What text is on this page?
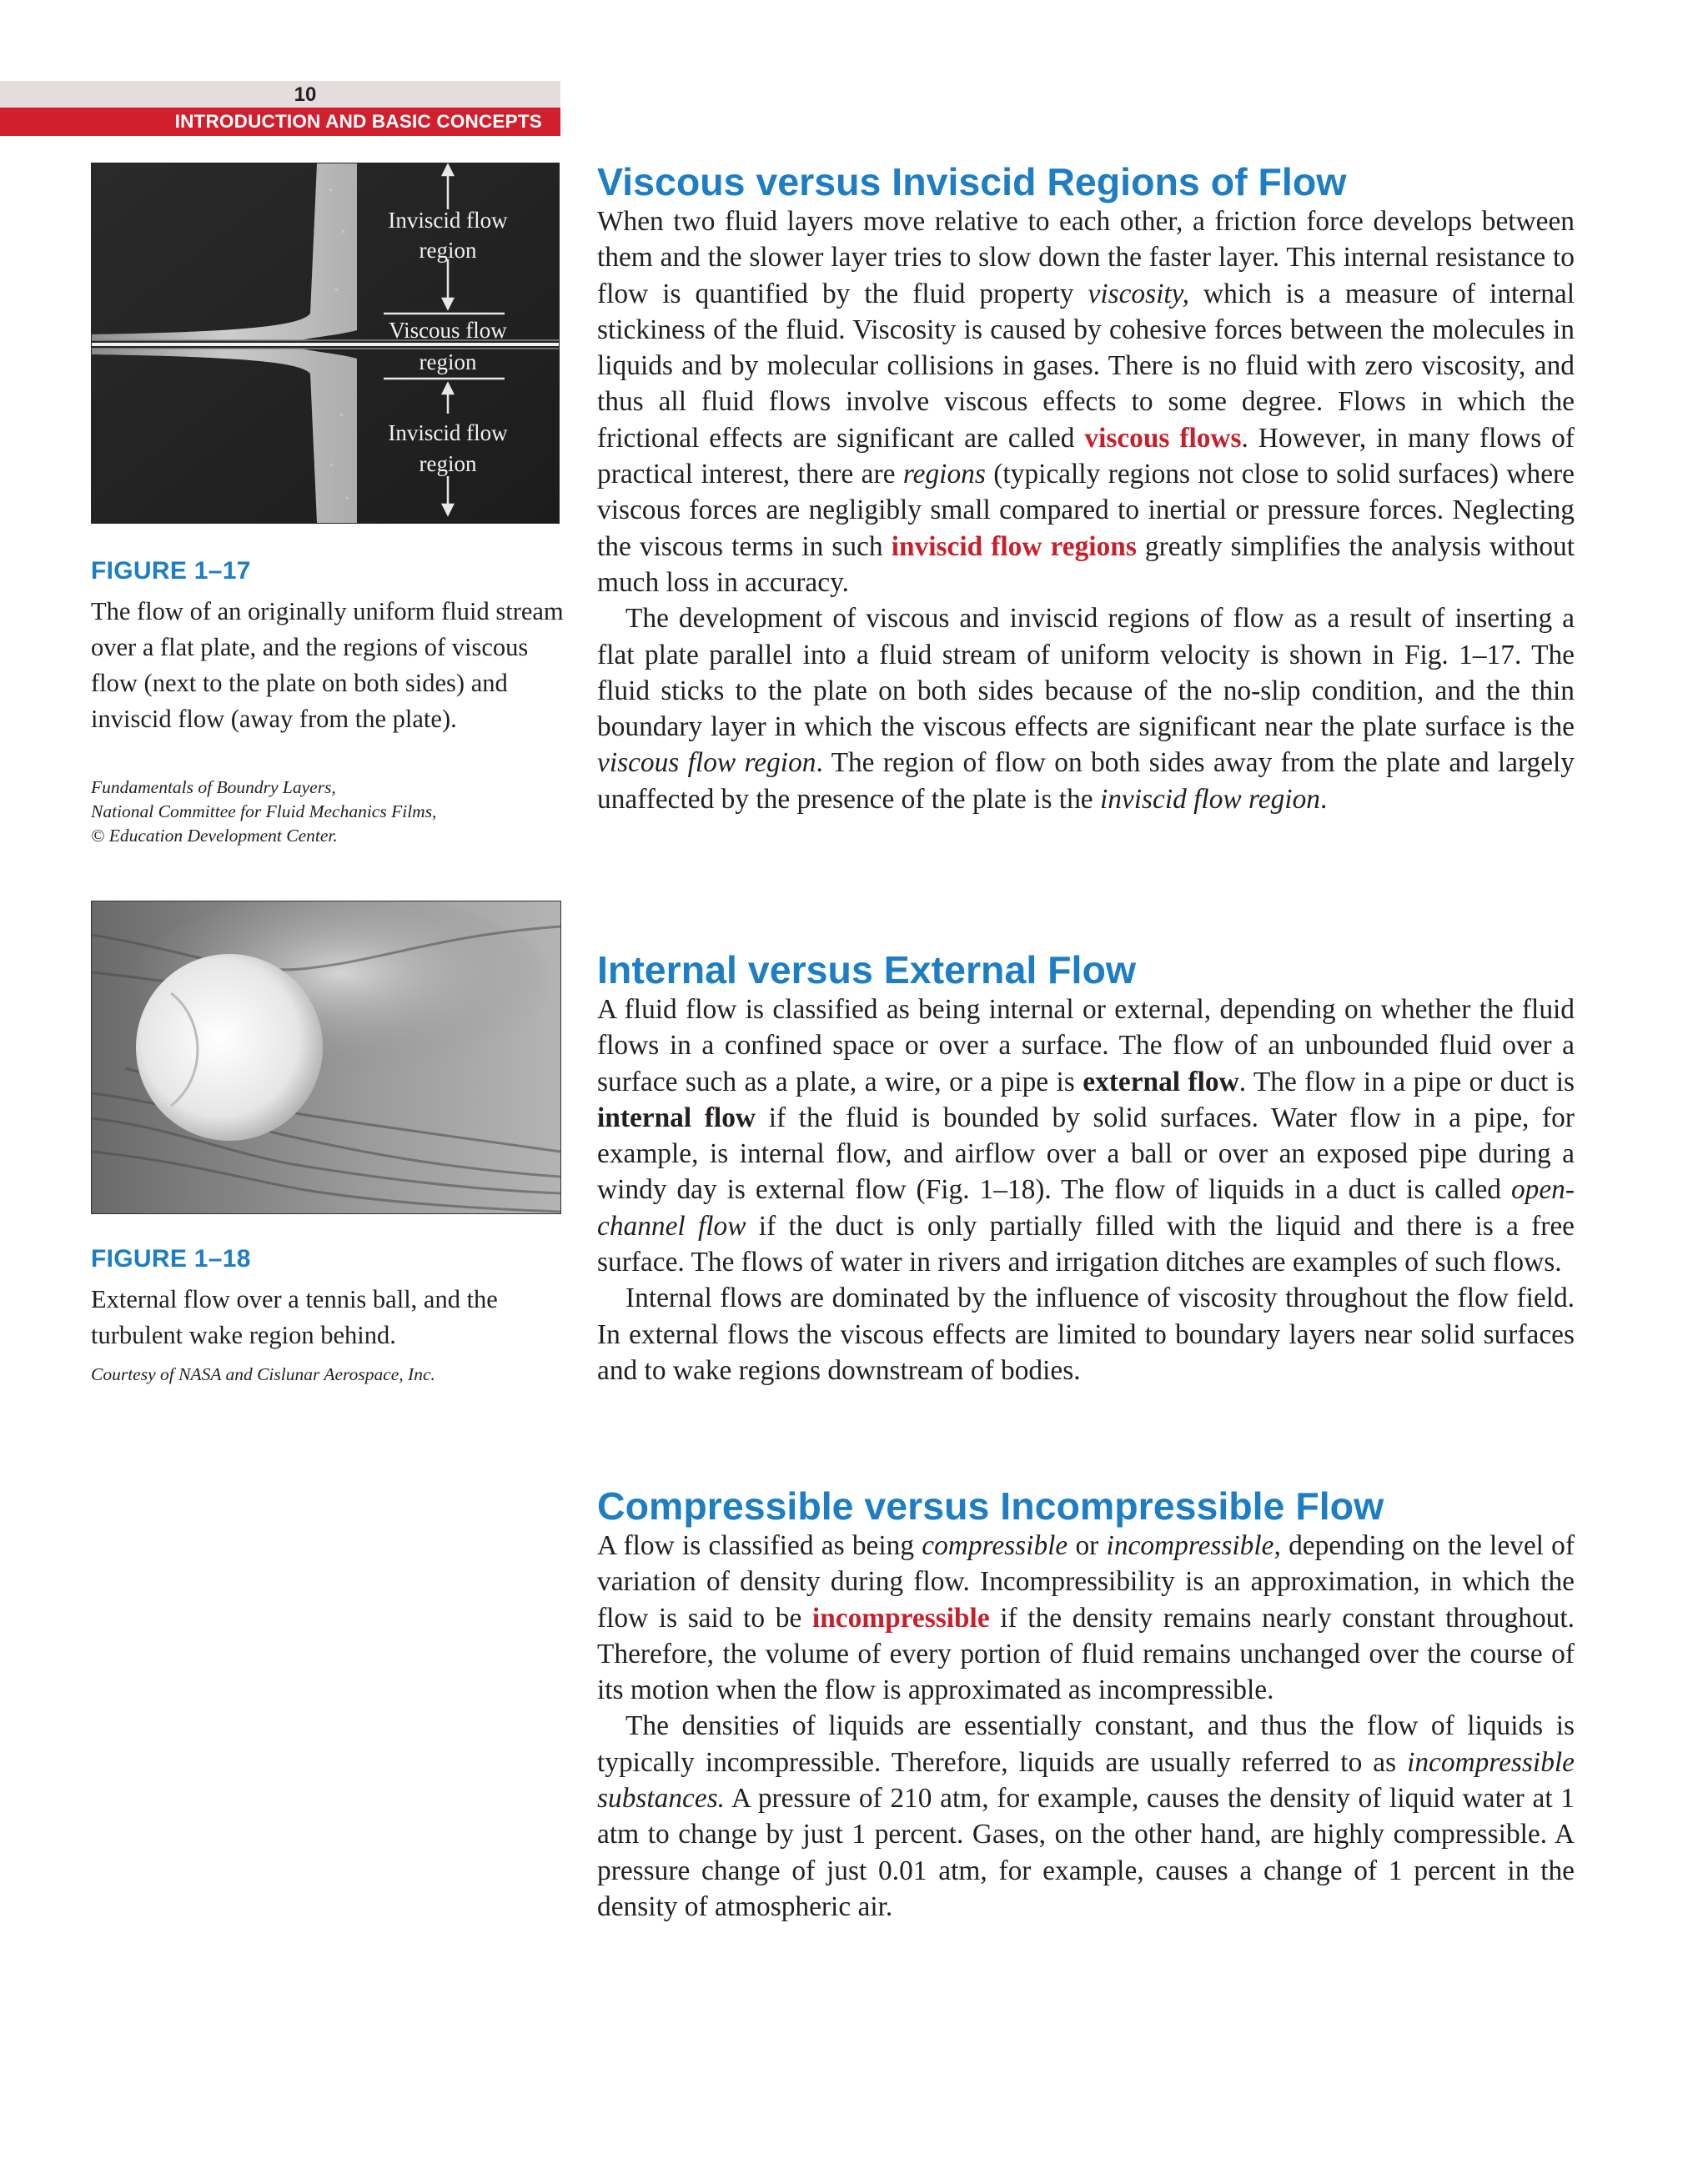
10
INTRODUCTION AND BASIC CONCEPTS
Inviscid flow
region
Viscous flow
region
Inviscid flow
region
FIGURE 1–17
The flow of an originally uniform fluid stream over a flat plate, and the regions of viscous flow (next to the plate on both sides) and inviscid flow (away from the plate).
Fundamentals of Boundry Layers,
National Committee for Fluid Mechanics Films,
© Education Development Center.
FIGURE 1–18
External flow over a tennis ball, and the turbulent wake region behind.
Courtesy of NASA and Cislunar Aerospace, Inc.
Viscous versus Inviscid Regions of Flow

When two fluid layers move relative to each other, a friction force develops between them and the slower layer tries to slow down the faster layer. This internal resistance to flow is quantified by the fluid property viscosity, which is a measure of internal stickiness of the fluid. Viscosity is caused by cohesive forces between the molecules in liquids and by molecular collisions in gases. There is no fluid with zero viscosity, and thus all fluid flows involve viscous effects to some degree. Flows in which the frictional effects are significant are called viscous flows. However, in many flows of practical interest, there are regions (typically regions not close to solid surfaces) where viscous forces are negligibly small compared to inertial or pressure forces. Neglecting the viscous terms in such inviscid flow regions greatly simplifies the analysis without much loss in accuracy.

The development of viscous and inviscid regions of flow as a result of inserting a flat plate parallel into a fluid stream of uniform velocity is shown in Fig. 1–17. The fluid sticks to the plate on both sides because of the no-slip condition, and the thin boundary layer in which the viscous effects are significant near the plate surface is the viscous flow region. The region of flow on both sides away from the plate and largely unaffected by the presence of the plate is the inviscid flow region.

Internal versus External Flow

A fluid flow is classified as being internal or external, depending on whether the fluid flows in a confined space or over a surface. The flow of an unbounded fluid over a surface such as a plate, a wire, or a pipe is external flow. The flow in a pipe or duct is internal flow if the fluid is bounded by solid surfaces. Water flow in a pipe, for example, is internal flow, and airflow over a ball or over an exposed pipe during a windy day is external flow (Fig. 1–18). The flow of liquids in a duct is called open-channel flow if the duct is only partially filled with the liquid and there is a free surface. The flows of water in rivers and irrigation ditches are examples of such flows.

Internal flows are dominated by the influence of viscosity throughout the flow field. In external flows the viscous effects are limited to boundary layers near solid surfaces and to wake regions downstream of bodies.

Compressible versus Incompressible Flow

A flow is classified as being compressible or incompressible, depending on the level of variation of density during flow. Incompressibility is an approximation, in which the flow is said to be incompressible if the density remains nearly constant throughout. Therefore, the volume of every portion of fluid remains unchanged over the course of its motion when the flow is approximated as incompressible.

The densities of liquids are essentially constant, and thus the flow of liquids is typically incompressible. Therefore, liquids are usually referred to as incompressible substances. A pressure of 210 atm, for example, causes the density of liquid water at 1 atm to change by just 1 percent. Gases, on the other hand, are highly compressible. A pressure change of just 0.01 atm, for example, causes a change of 1 percent in the density of atmospheric air.
